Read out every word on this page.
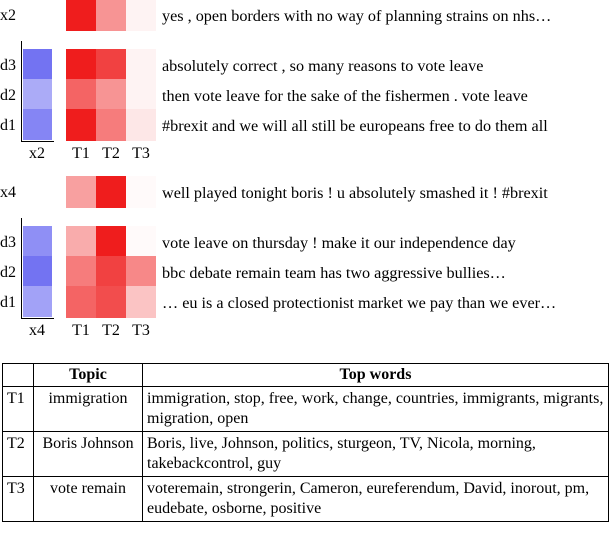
x2	yes , open borders with no way of planning strains on nhs…
d3	absolutely correct , so many reasons to vote leave
d2	then vote leave for the sake of the fishermen . vote leave
d1	#brexit and we will all still be europeans free to do them all
x2	T1 T2 T3
x4	well played tonight boris ! u absolutely smashed it ! #brexit
d3	vote leave on thursday ! make it our independence day
d2	bbc debate remain team has two aggressive bullies…
d1	… eu is a closed protectionist market we pay than we ever…
x4	T1 T2 T3
	Topic	Top words
T1	immigration	immigration, stop, free, work, change, countries, immigrants, migrants, migration, open
T2	Boris Johnson	Boris, live, Johnson, politics, sturgeon, TV, Nicola, morning, takebackcontrol, guy
T3	vote remain	voteremain, strongerin, Cameron, eureferendum, David, inorout, pm, eudebate, osborne, positive
